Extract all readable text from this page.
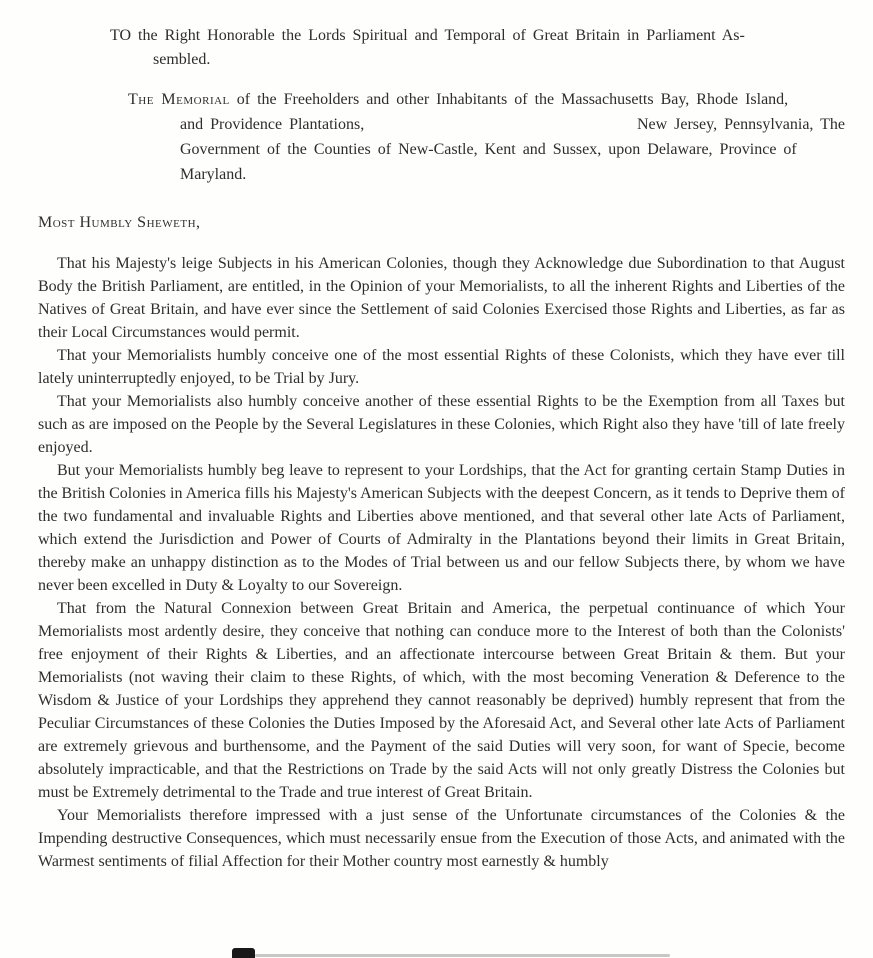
TO the Right Honorable the Lords Spiritual and Temporal of Great Britain in Parliament As-
sembled.
The Memorial of the Freeholders and other Inhabitants of the Massachusetts Bay, Rhode Island,
and Providence Plantations,	New Jersey, Pennsylvania, The
Government of the Counties of New-Castle, Kent and Sussex, upon Delaware, Province of
Maryland.
Most Humbly Sheweth,

That his Majesty's leige Subjects in his American Colonies, though they Acknowledge due Subordination to that August Body the British Parliament, are entitled, in the Opinion of your Memorialists, to all the inherent Rights and Liberties of the Natives of Great Britain, and have ever since the Settlement of said Colonies Exercised those Rights and Liberties, as far as their Local Circumstances would permit.

That your Memorialists humbly conceive one of the most essential Rights of these Colonists, which they have ever till lately uninterruptedly enjoyed, to be Trial by Jury.

That your Memorialists also humbly conceive another of these essential Rights to be the Exemption from all Taxes but such as are imposed on the People by the Several Legislatures in these Colonies, which Right also they have 'till of late freely enjoyed.

But your Memorialists humbly beg leave to represent to your Lordships, that the Act for granting certain Stamp Duties in the British Colonies in America fills his Majesty's American Subjects with the deepest Concern, as it tends to Deprive them of the two fundamental and invaluable Rights and Liberties above mentioned, and that several other late Acts of Parliament, which extend the Jurisdiction and Power of Courts of Admiralty in the Plantations beyond their limits in Great Britain, thereby make an unhappy distinction as to the Modes of Trial between us and our fellow Subjects there, by whom we have never been excelled in Duty & Loyalty to our Sovereign.

That from the Natural Connexion between Great Britain and America, the perpetual continuance of which Your Memorialists most ardently desire, they conceive that nothing can conduce more to the Interest of both than the Colonists' free enjoyment of their Rights & Liberties, and an affectionate intercourse between Great Britain & them. But your Memorialists (not waving their claim to these Rights, of which, with the most becoming Veneration & Deference to the Wisdom & Justice of your Lordships they apprehend they cannot reasonably be deprived) humbly represent that from the Peculiar Circumstances of these Colonies the Duties Imposed by the Aforesaid Act, and Several other late Acts of Parliament are extremely grievous and burthensome, and the Payment of the said Duties will very soon, for want of Specie, become absolutely impracticable, and that the Restrictions on Trade by the said Acts will not only greatly Distress the Colonies but must be Extremely detrimental to the Trade and true interest of Great Britain.

Your Memorialists therefore impressed with a just sense of the Unfortunate circumstances of the Colonies & the Impending destructive Consequences, which must necessarily ensue from the Execution of those Acts, and animated with the Warmest sentiments of filial Affection for their Mother country most earnestly & humbly
